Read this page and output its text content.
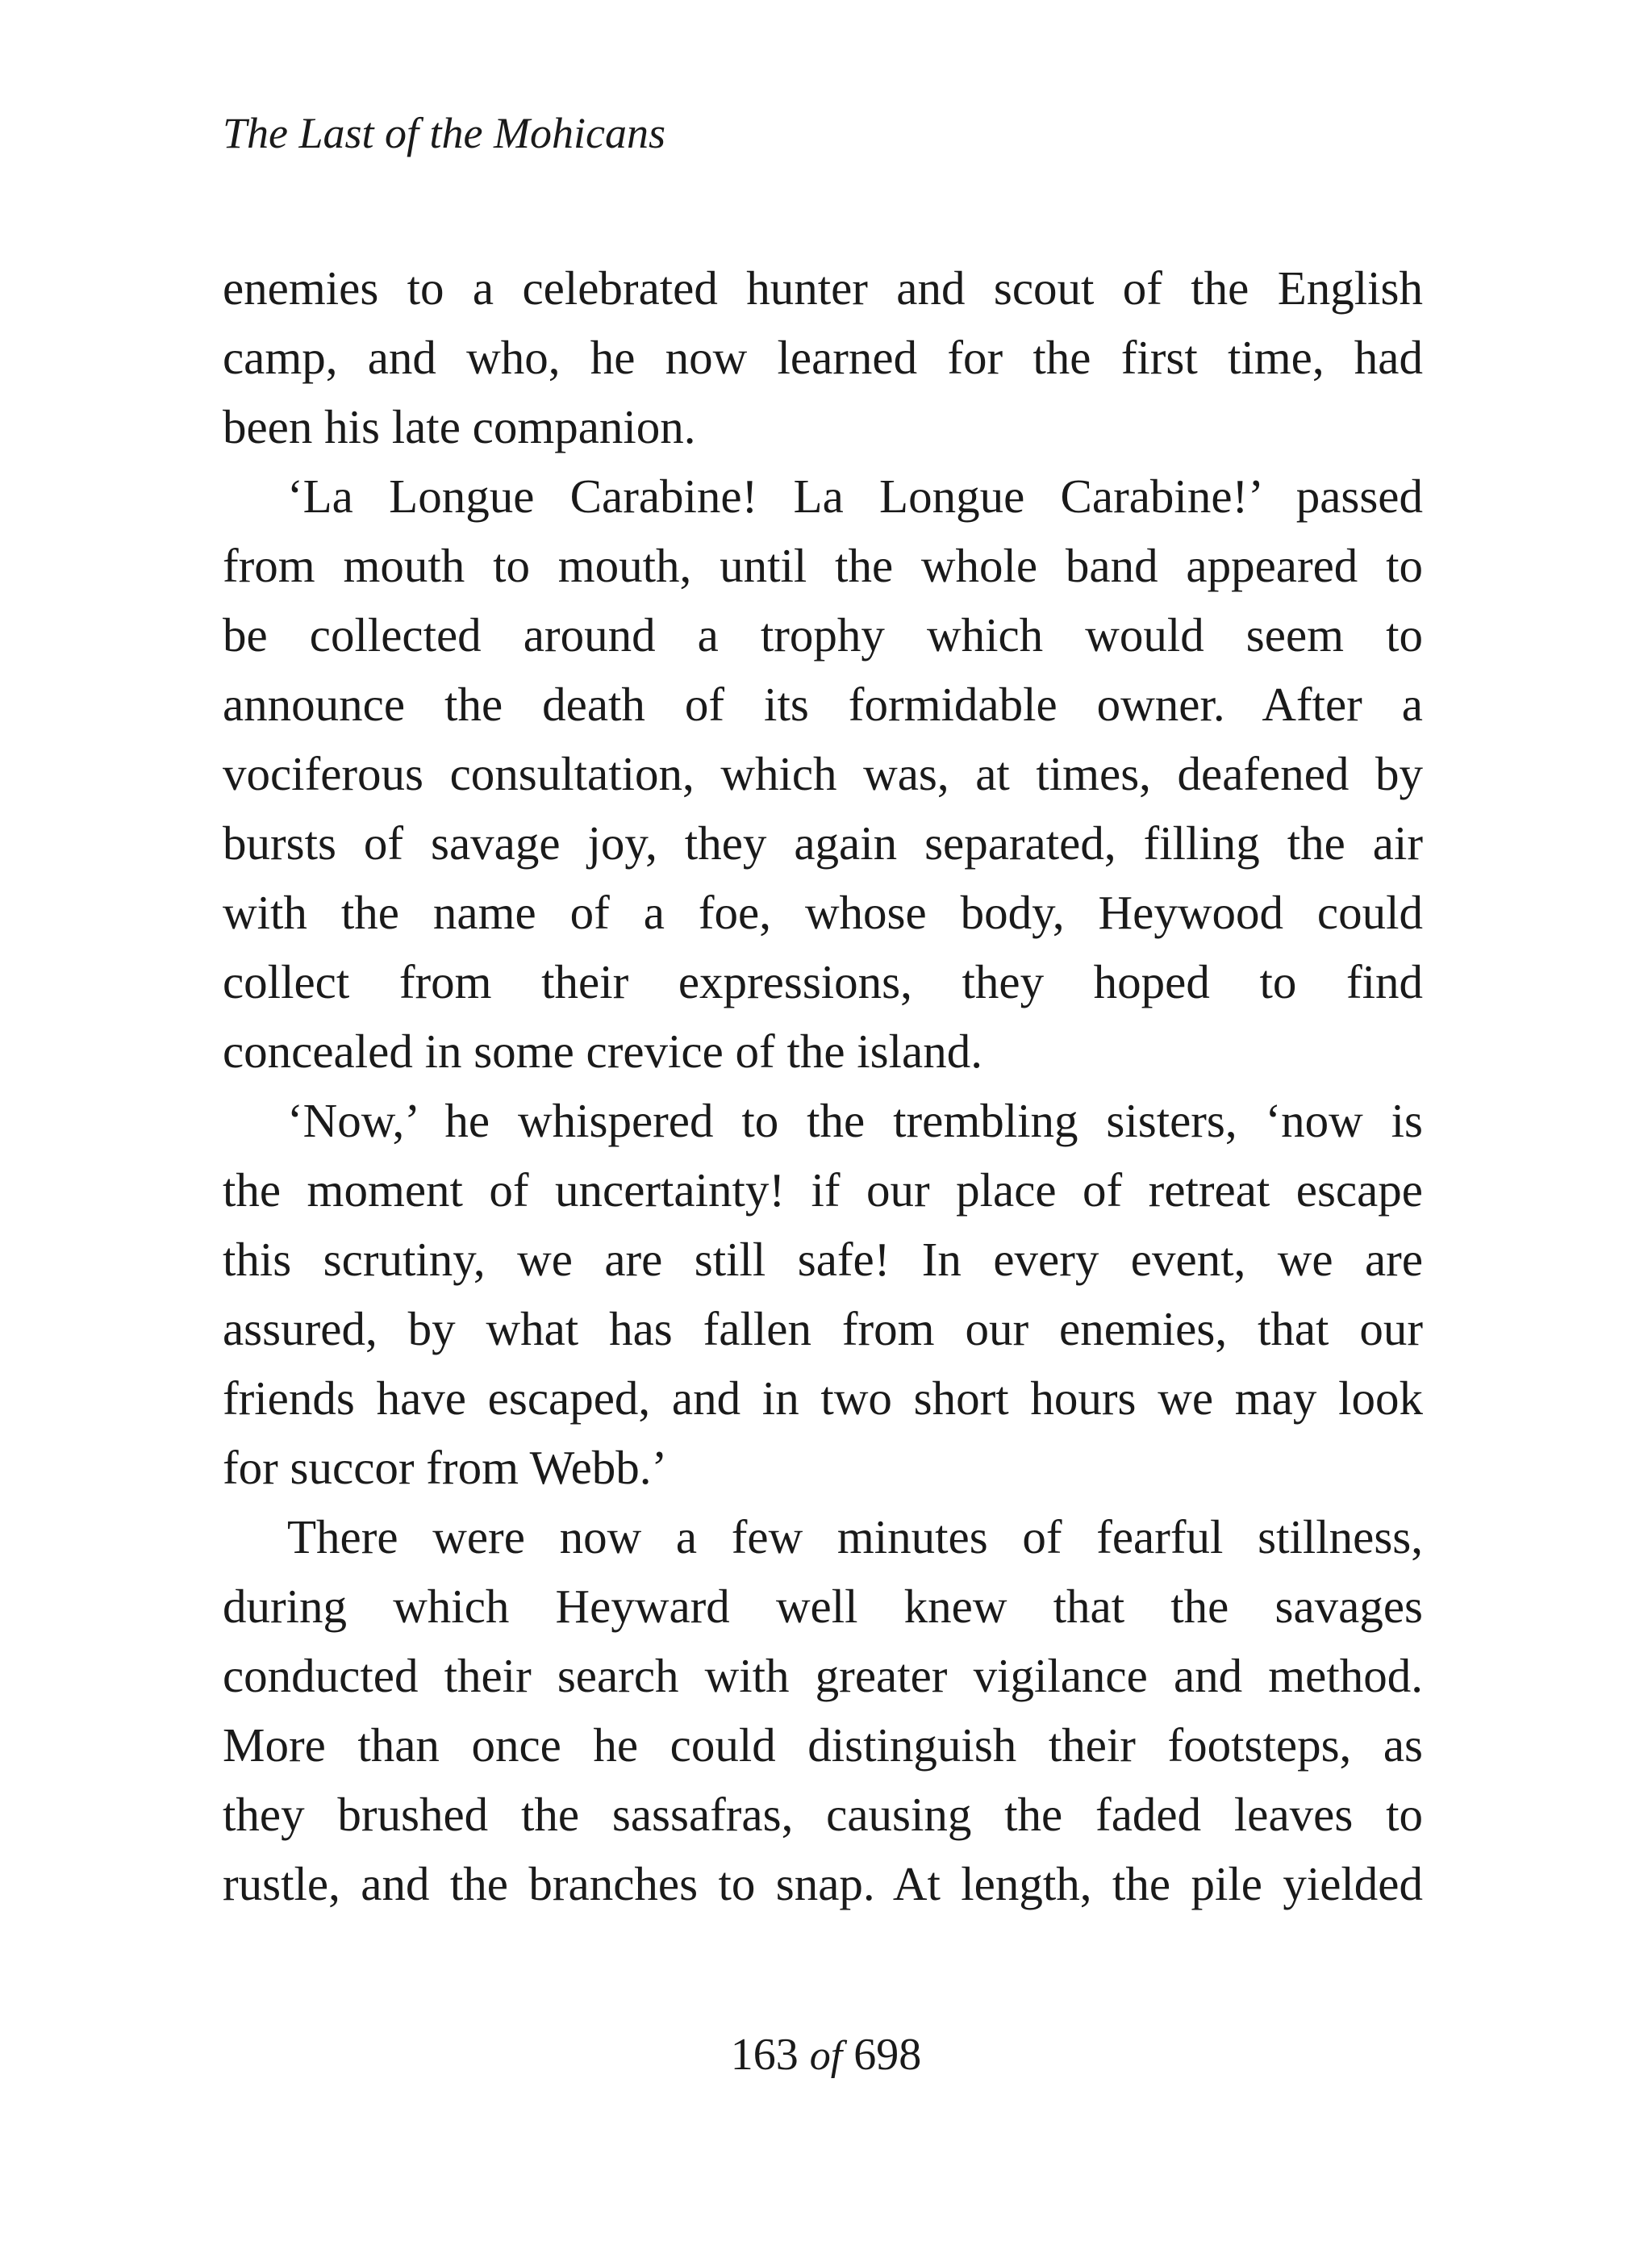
The Last of the Mohicans
enemies to a celebrated hunter and scout of the English
camp, and who, he now learned for the first time, had
been his late companion.
‘La Longue Carabine! La Longue Carabine!’ passed
from mouth to mouth, until the whole band appeared to
be collected around a trophy which would seem to
announce the death of its formidable owner. After a
vociferous consultation, which was, at times, deafened by
bursts of savage joy, they again separated, filling the air
with the name of a foe, whose body, Heywood could
collect from their expressions, they hoped to find
concealed in some crevice of the island.
‘Now,’ he whispered to the trembling sisters, ‘now is
the moment of uncertainty! if our place of retreat escape
this scrutiny, we are still safe! In every event, we are
assured, by what has fallen from our enemies, that our
friends have escaped, and in two short hours we may look
for succor from Webb.’
There were now a few minutes of fearful stillness,
during which Heyward well knew that the savages
conducted their search with greater vigilance and method.
More than once he could distinguish their footsteps, as
they brushed the sassafras, causing the faded leaves to
rustle, and the branches to snap. At length, the pile yielded
163 of 698
